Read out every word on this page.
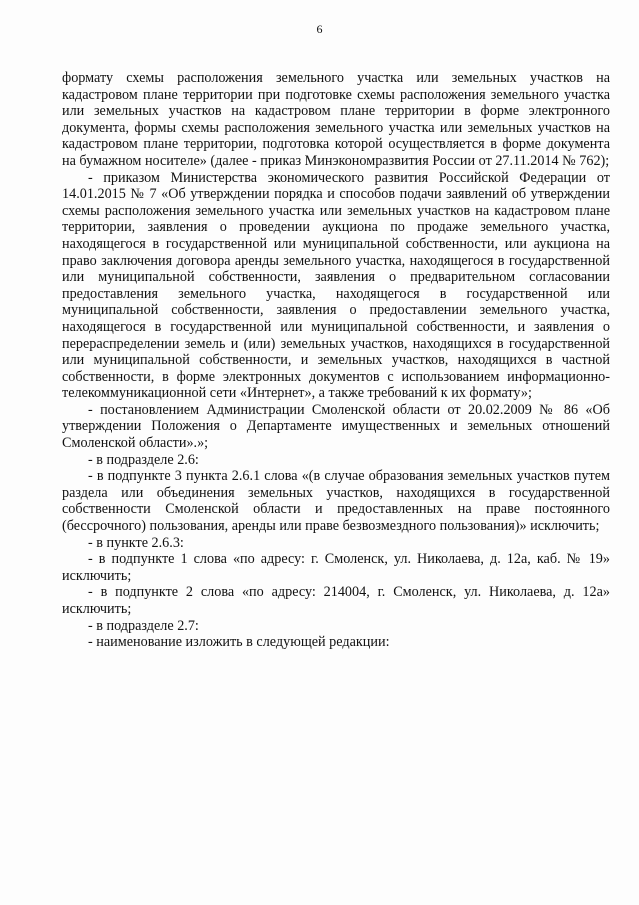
6

формату схемы расположения земельного участка или земельных участков на кадастровом плане территории при подготовке схемы расположения земельного участка или земельных участков на кадастровом плане территории в форме электронного документа, формы схемы расположения земельного участка или земельных участков на кадастровом плане территории, подготовка которой осуществляется в форме документа на бумажном носителе» (далее - приказ Минэкономразвития России от 27.11.2014 № 762);

- приказом Министерства экономического развития Российской Федерации от 14.01.2015 № 7 «Об утверждении порядка и способов подачи заявлений об утверждении схемы расположения земельного участка или земельных участков на кадастровом плане территории, заявления о проведении аукциона по продаже земельного участка, находящегося в государственной или муниципальной собственности, или аукциона на право заключения договора аренды земельного участка, находящегося в государственной или муниципальной собственности, заявления о предварительном согласовании предоставления земельного участка, находящегося в государственной или муниципальной собственности, заявления о предоставлении земельного участка, находящегося в государственной или муниципальной собственности, и заявления о перераспределении земель и (или) земельных участков, находящихся в государственной или муниципальной собственности, и земельных участков, находящихся в частной собственности, в форме электронных документов с использованием информационно-телекоммуникационной сети «Интернет», а также требований к их формату»;

- постановлением Администрации Смоленской области от 20.02.2009 № 86 «Об утверждении Положения о Департаменте имущественных и земельных отношений Смоленской области».»;

- в подразделе 2.6:

- в подпункте 3 пункта 2.6.1 слова «(в случае образования земельных участков путем раздела или объединения земельных участков, находящихся в государственной собственности Смоленской области и предоставленных на праве постоянного (бессрочного) пользования, аренды или праве безвозмездного пользования)» исключить;

- в пункте 2.6.3:

- в подпункте 1 слова «по адресу: г. Смоленск, ул. Николаева, д. 12а, каб. № 19» исключить;

- в подпункте 2 слова «по адресу: 214004, г. Смоленск, ул. Николаева, д. 12а» исключить;

- в подразделе 2.7:

- наименование изложить в следующей редакции:
